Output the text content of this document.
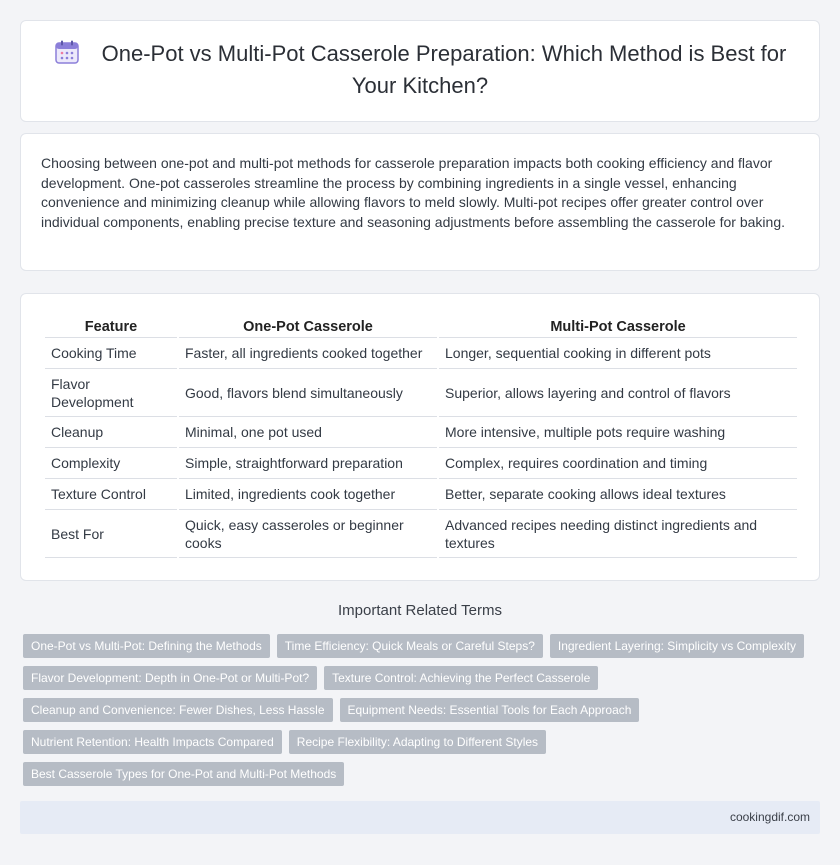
One-Pot vs Multi-Pot Casserole Preparation: Which Method is Best for Your Kitchen?

Choosing between one-pot and multi-pot methods for casserole preparation impacts both cooking efficiency and flavor development. One-pot casseroles streamline the process by combining ingredients in a single vessel, enhancing convenience and minimizing cleanup while allowing flavors to meld slowly. Multi-pot recipes offer greater control over individual components, enabling precise texture and seasoning adjustments before assembling the casserole for baking.

Feature	One-Pot Casserole	Multi-Pot Casserole
Cooking Time	Faster, all ingredients cooked together	Longer, sequential cooking in different pots
Flavor Development	Good, flavors blend simultaneously	Superior, allows layering and control of flavors
Cleanup	Minimal, one pot used	More intensive, multiple pots require washing
Complexity	Simple, straightforward preparation	Complex, requires coordination and timing
Texture Control	Limited, ingredients cook together	Better, separate cooking allows ideal textures
Best For	Quick, easy casseroles or beginner cooks	Advanced recipes needing distinct ingredients and textures
Important Related Terms
One-Pot vs Multi-Pot: Defining the Methods	Time Efficiency: Quick Meals or Careful Steps?	Ingredient Layering: Simplicity vs Complexity
Flavor Development: Depth in One-Pot or Multi-Pot?	Texture Control: Achieving the Perfect Casserole
Cleanup and Convenience: Fewer Dishes, Less Hassle	Equipment Needs: Essential Tools for Each Approach
Nutrient Retention: Health Impacts Compared	Recipe Flexibility: Adapting to Different Styles
Best Casserole Types for One-Pot and Multi-Pot Methods
cookingdif.com
